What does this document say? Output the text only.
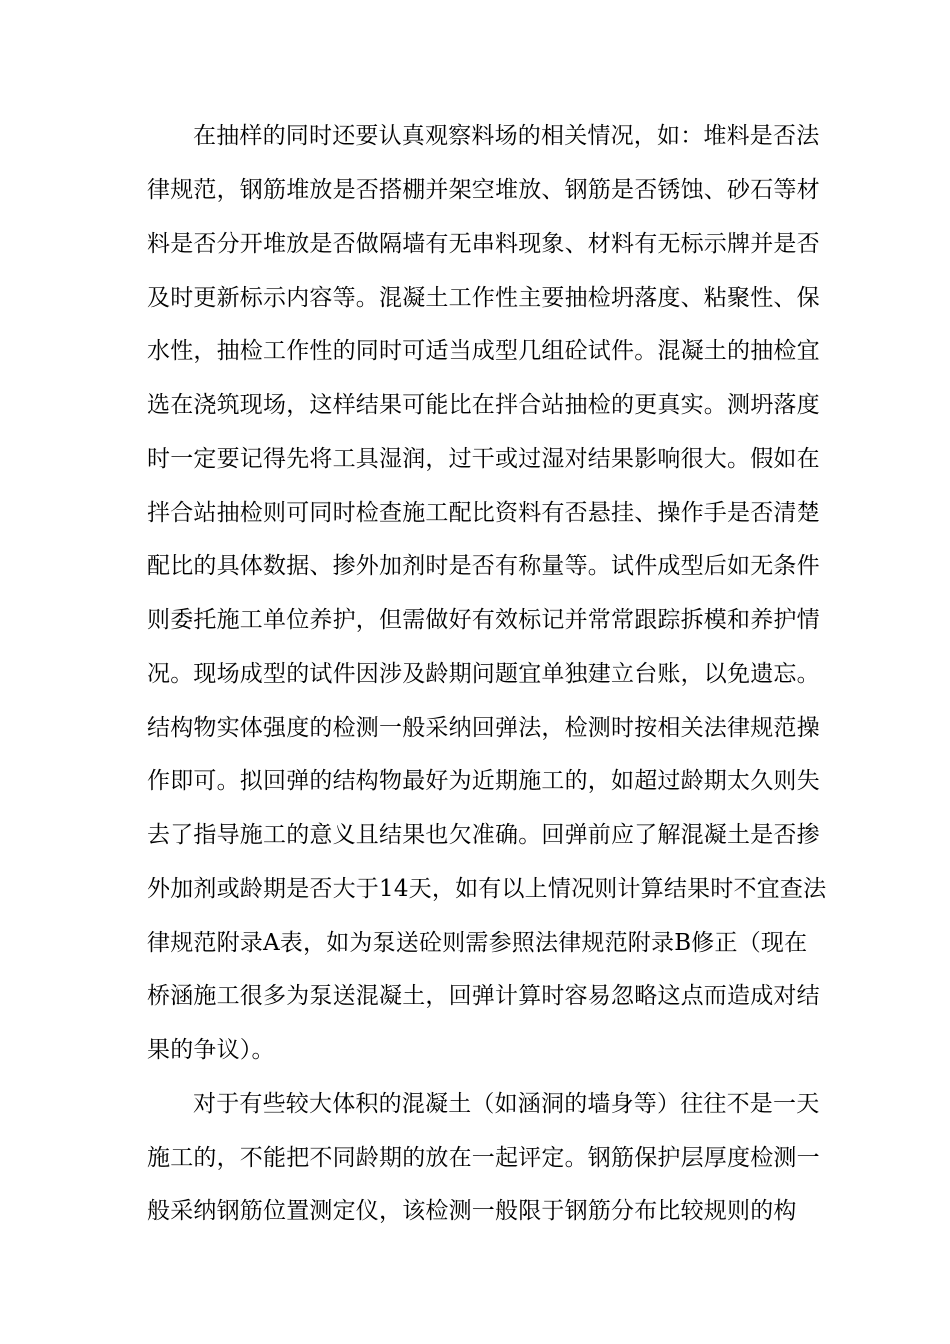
在抽样的同时还要认真观察料场的相关情况，如：堆料是否法
律规范，钢筋堆放是否搭棚并架空堆放、钢筋是否锈蚀、砂石等材
料是否分开堆放是否做隔墙有无串料现象、材料有无标示牌并是否
及时更新标示内容等。混凝土工作性主要抽检坍落度、粘聚性、保
水性，抽检工作性的同时可适当成型几组砼试件。混凝土的抽检宜
选在浇筑现场，这样结果可能比在拌合站抽检的更真实。测坍落度
时一定要记得先将工具湿润，过干或过湿对结果影响很大。假如在
拌合站抽检则可同时检查施工配比资料有否悬挂、操作手是否清楚
配比的具体数据、掺外加剂时是否有称量等。试件成型后如无条件
则委托施工单位养护，但需做好有效标记并常常跟踪拆模和养护情
况。现场成型的试件因涉及龄期问题宜单独建立台账，以免遗忘。
结构物实体强度的检测一般采纳回弹法，检测时按相关法律规范操
作即可。拟回弹的结构物最好为近期施工的，如超过龄期太久则失
去了指导施工的意义且结果也欠准确。回弹前应了解混凝土是否掺
外加剂或龄期是否大于14天，如有以上情况则计算结果时不宜查法
律规范附录A表，如为泵送砼则需参照法律规范附录B修正（现在
桥涵施工很多为泵送混凝土，回弹计算时容易忽略这点而造成对结
果的争议）。
对于有些较大体积的混凝土（如涵洞的墙身等）往往不是一天
施工的，不能把不同龄期的放在一起评定。钢筋保护层厚度检测一
般采纳钢筋位置测定仪，该检测一般限于钢筋分布比较规则的构
